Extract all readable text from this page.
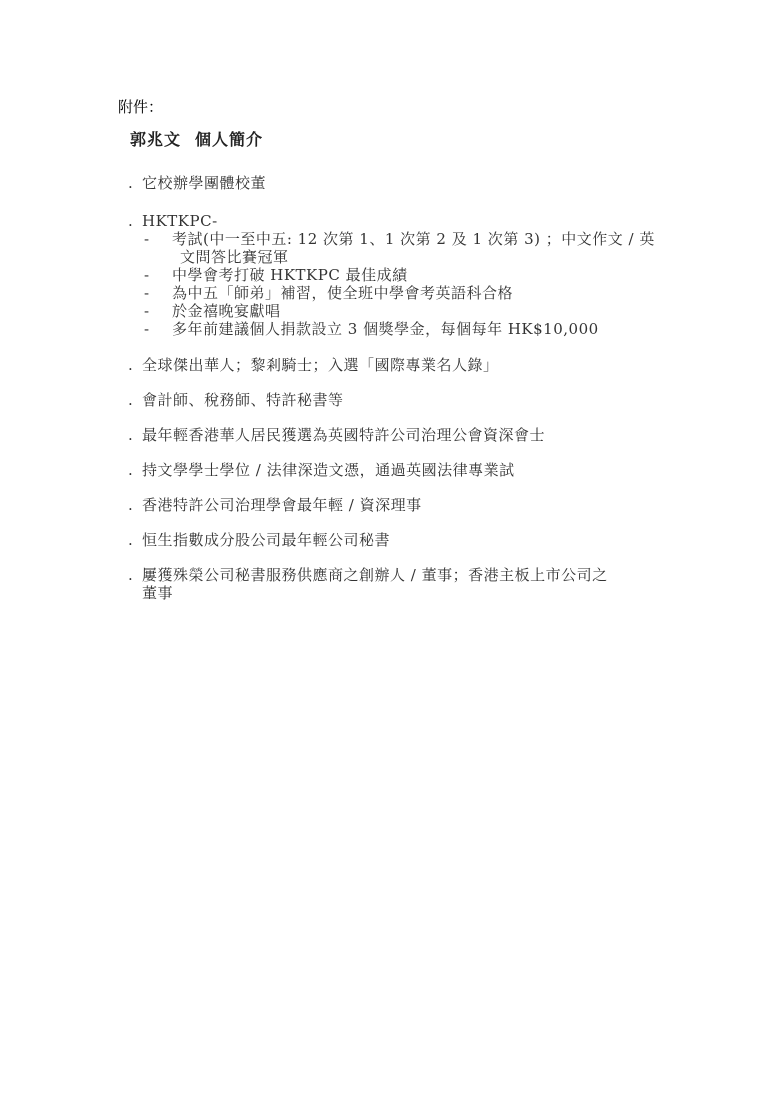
附件：
郭兆文 個人簡介
. 它校辦學團體校董
. HKTKPC-
- 考試(中一至中五: 12 次第 1、1 次第 2 及 1 次第 3) ；中文作文 / 英
文問答比賽冠軍
- 中學會考打破 HKTKPC 最佳成績
- 為中五「師弟」補習，使全班中學會考英語科合格
- 於金禧晚宴獻唱
- 多年前建議個人捐款設立 3 個獎學金，每個每年 HK$10,000
. 全球傑出華人；黎剎騎士；入選「國際專業名人錄」
. 會計師、稅務師、特許秘書等
. 最年輕香港華人居民獲選為英國特許公司治理公會資深會士
. 持文學學士學位 / 法律深造文憑，通過英國法律專業試
. 香港特許公司治理學會最年輕 / 資深理事
. 恒生指數成分股公司最年輕公司秘書
. 屢獲殊榮公司秘書服務供應商之創辦人 / 董事；香港主板上市公司之
董事
